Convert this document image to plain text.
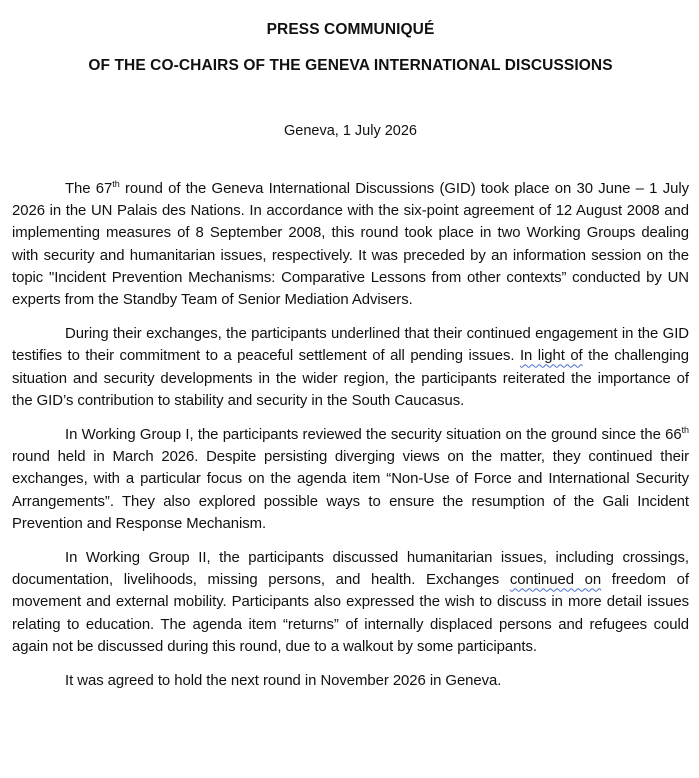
PRESS COMMUNIQUÉ
OF THE CO-CHAIRS OF THE GENEVA INTERNATIONAL DISCUSSIONS

Geneva, 1 July 2026

The 67th round of the Geneva International Discussions (GID) took place on 30 June – 1 July 2026 in the UN Palais des Nations. In accordance with the six-point agreement of 12 August 2008 and implementing measures of 8 September 2008, this round took place in two Working Groups dealing with security and humanitarian issues, respectively. It was preceded by an information session on the topic "Incident Prevention Mechanisms: Comparative Lessons from other contexts” conducted by UN experts from the Standby Team of Senior Mediation Advisers.

During their exchanges, the participants underlined that their continued engagement in the GID testifies to their commitment to a peaceful settlement of all pending issues. In light of the challenging situation and security developments in the wider region, the participants reiterated the importance of the GID’s contribution to stability and security in the South Caucasus.

In Working Group I, the participants reviewed the security situation on the ground since the 66th round held in March 2026. Despite persisting diverging views on the matter, they continued their exchanges, with a particular focus on the agenda item “Non-Use of Force and International Security Arrangements”. They also explored possible ways to ensure the resumption of the Gali Incident Prevention and Response Mechanism.

In Working Group II, the participants discussed humanitarian issues, including crossings, documentation, livelihoods, missing persons, and health. Exchanges continued on freedom of movement and external mobility. Participants also expressed the wish to discuss in more detail issues relating to education. The agenda item “returns” of internally displaced persons and refugees could again not be discussed during this round, due to a walkout by some participants.

It was agreed to hold the next round in November 2026 in Geneva.
